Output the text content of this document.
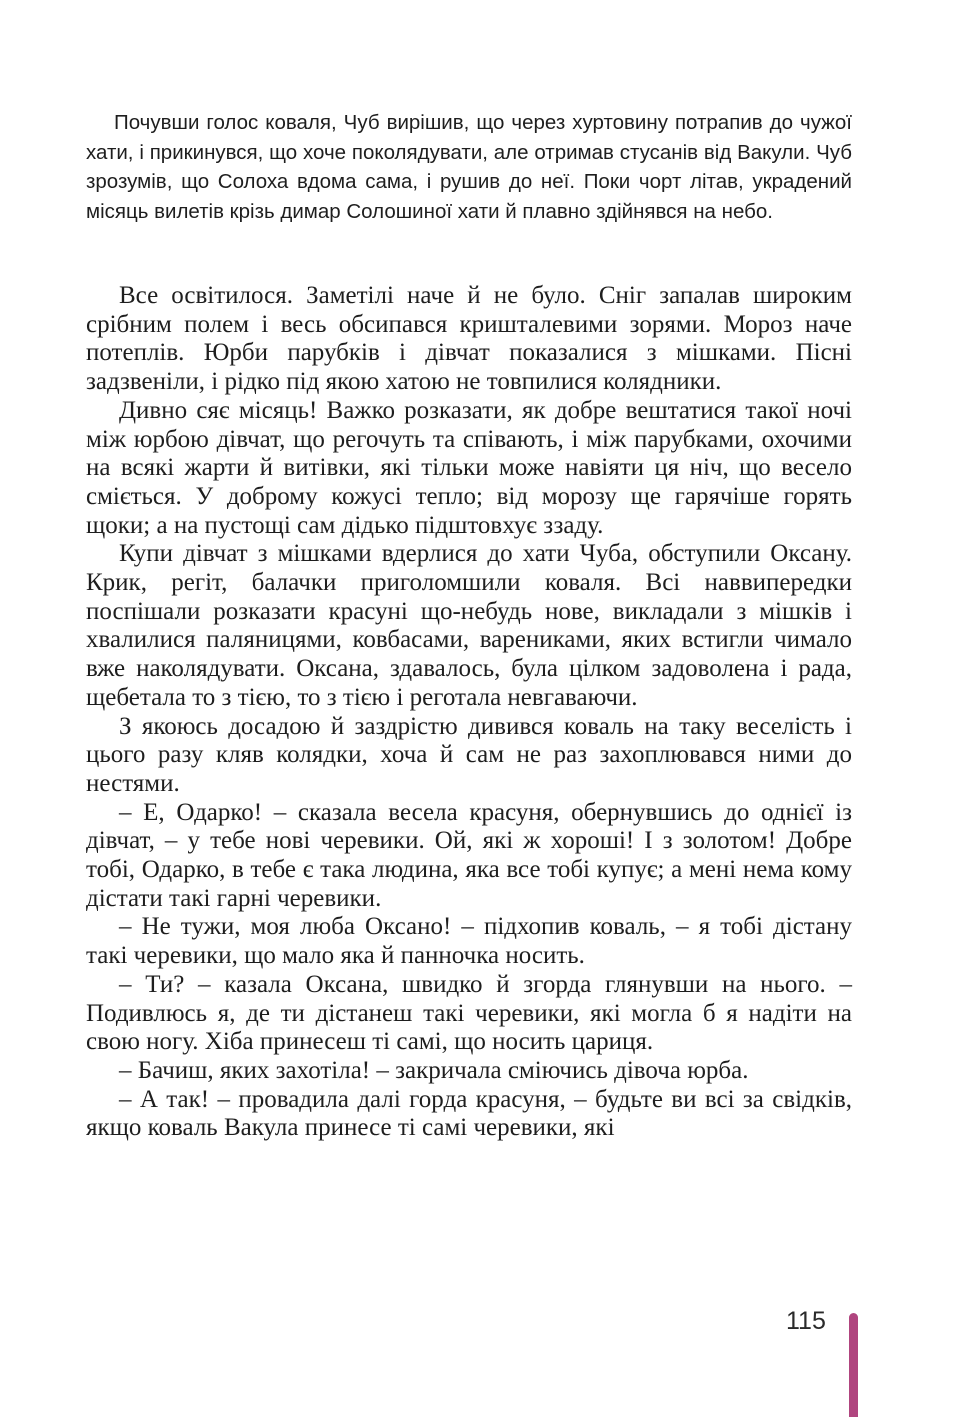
Почувши голос коваля, Чуб вирішив, що через хуртовину потрапив до чужої хати, і прикинувся, що хоче поколядувати, але отримав стусанів від Вакули. Чуб зрозумів, що Солоха вдома сама, і рушив до неї. Поки чорт літав, украдений місяць вилетів крізь димар Солошиної хати й плавно здійнявся на небо.

Все освітилося. Заметілі наче й не було. Сніг запалав широким срібним полем і весь обсипався кришталевими зорями. Мороз наче потеплів. Юрби парубків і дівчат показалися з мішками. Пісні задзвеніли, і рідко під якою хатою не товпилися колядники.

Дивно сяє місяць! Важко розказати, як добре вештатися такої ночі між юрбою дівчат, що регочуть та співають, і між парубками, охочими на всякі жарти й витівки, які тільки може навіяти ця ніч, що весело сміється. У доброму кожусі тепло; від морозу ще гарячіше горять щоки; а на пустощі сам дідько підштовхує ззаду.

Купи дівчат з мішками вдерлися до хати Чуба, обступили Оксану. Крик, регіт, балачки приголомшили коваля. Всі наввипередки поспішали розказати красуні що-небудь нове, викладали з мішків і хвалилися паляницями, ковбасами, варениками, яких встигли чимало вже наколядувати. Оксана, здавалось, була цілком задоволена і рада, щебетала то з тією, то з тією і реготала невгаваючи.

З якоюсь досадою й заздрістю дивився коваль на таку веселість і цього разу кляв колядки, хоча й сам не раз захоплювався ними до нестями.

– Е, Одарко! – сказала весела красуня, обернувшись до однієї із дівчат, – у тебе нові черевики. Ой, які ж хороші! І з золотом! Добре тобі, Одарко, в тебе є така людина, яка все тобі купує; а мені нема кому дістати такі гарні черевики.

– Не тужи, моя люба Оксано! – підхопив коваль, – я тобі дістану такі черевики, що мало яка й панночка носить.

– Ти? – казала Оксана, швидко й згорда глянувши на нього. – Подивлюсь я, де ти дістанеш такі черевики, які могла б я надіти на свою ногу. Хіба принесеш ті самі, що носить цариця.

– Бачиш, яких захотіла! – закричала сміючись дівоча юрба.

– А так! – провадила далі горда красуня, – будьте ви всі за свідків, якщо коваль Вакула принесе ті самі черевики, які

115
